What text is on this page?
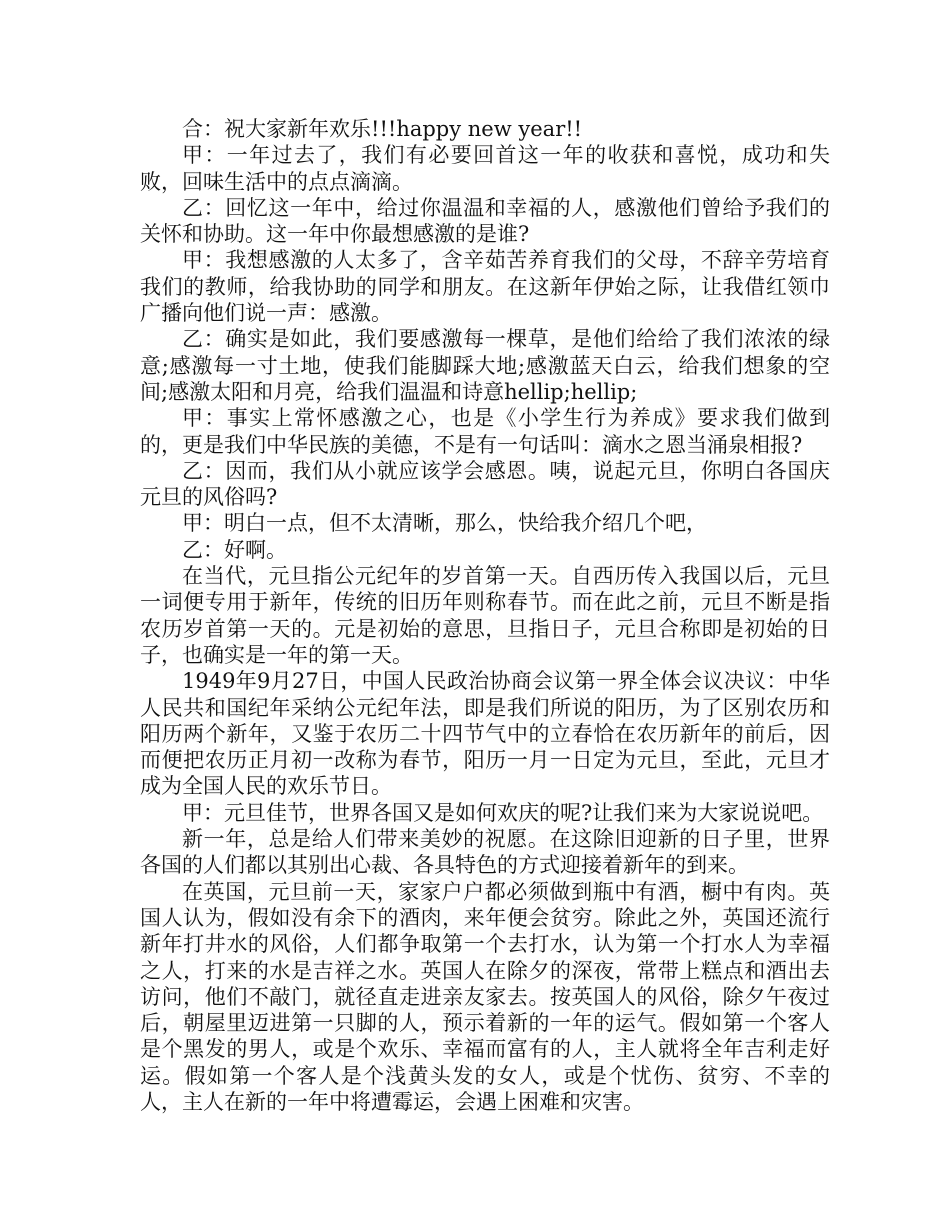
合：祝大家新年欢乐!!!happy new year!!

甲：一年过去了，我们有必要回首这一年的收获和喜悦，成功和失败，回味生活中的点点滴滴。

乙：回忆这一年中，给过你温温和幸福的人，感激他们曾给予我们的关怀和协助。这一年中你最想感激的是谁?

甲：我想感激的人太多了，含辛茹苦养育我们的父母，不辞辛劳培育我们的教师，给我协助的同学和朋友。在这新年伊始之际，让我借红领巾广播向他们说一声：感激。

乙：确实是如此，我们要感激每一棵草，是他们给给了我们浓浓的绿意;感激每一寸土地，使我们能脚踩大地;感激蓝天白云，给我们想象的空间;感激太阳和月亮，给我们温温和诗意hellip;hellip;

甲：事实上常怀感激之心，也是《小学生行为养成》要求我们做到的，更是我们中华民族的美德，不是有一句话叫：滴水之恩当涌泉相报?

乙：因而，我们从小就应该学会感恩。咦，说起元旦，你明白各国庆元旦的风俗吗?

甲：明白一点，但不太清晰，那么，快给我介绍几个吧，

乙：好啊。

在当代，元旦指公元纪年的岁首第一天。自西历传入我国以后，元旦一词便专用于新年，传统的旧历年则称春节。而在此之前，元旦不断是指农历岁首第一天的。元是初始的意思，旦指日子，元旦合称即是初始的日子，也确实是一年的第一天。

1949年9月27日，中国人民政治协商会议第一界全体会议决议：中华人民共和国纪年采纳公元纪年法，即是我们所说的阳历，为了区别农历和阳历两个新年，又鉴于农历二十四节气中的立春恰在农历新年的前后，因而便把农历正月初一改称为春节，阳历一月一日定为元旦，至此，元旦才成为全国人民的欢乐节日。

甲：元旦佳节，世界各国又是如何欢庆的呢?让我们来为大家说说吧。

新一年，总是给人们带来美妙的祝愿。在这除旧迎新的日子里，世界各国的人们都以其别出心裁、各具特色的方式迎接着新年的到来。

在英国，元旦前一天，家家户户都必须做到瓶中有酒，橱中有肉。英国人认为，假如没有余下的酒肉，来年便会贫穷。除此之外，英国还流行新年打井水的风俗，人们都争取第一个去打水，认为第一个打水人为幸福之人，打来的水是吉祥之水。英国人在除夕的深夜，常带上糕点和酒出去访问，他们不敲门，就径直走进亲友家去。按英国人的风俗，除夕午夜过后，朝屋里迈进第一只脚的人，预示着新的一年的运气。假如第一个客人是个黑发的男人，或是个欢乐、幸福而富有的人，主人就将全年吉利走好运。假如第一个客人是个浅黄头发的女人，或是个忧伤、贫穷、不幸的人，主人在新的一年中将遭霉运，会遇上困难和灾害。
